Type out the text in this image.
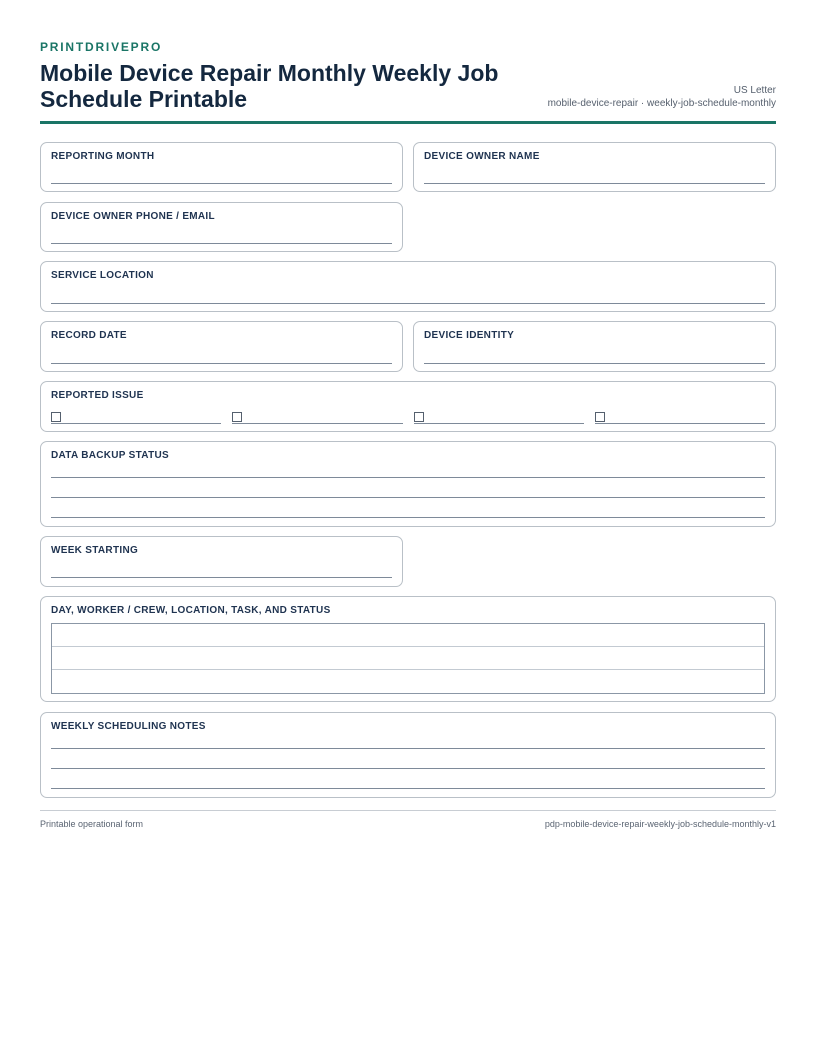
PRINTDRIVEPRO
Mobile Device Repair Monthly Weekly Job Schedule Printable	US Letter
mobile-device-repair · weekly-job-schedule-monthly
REPORTING MONTH	DEVICE OWNER NAME
DEVICE OWNER PHONE / EMAIL
SERVICE LOCATION
RECORD DATE	DEVICE IDENTITY
REPORTED ISSUE
DATA BACKUP STATUS
WEEK STARTING
DAY, WORKER / CREW, LOCATION, TASK, AND STATUS
WEEKLY SCHEDULING NOTES
Printable operational form	pdp-mobile-device-repair-weekly-job-schedule-monthly-v1
